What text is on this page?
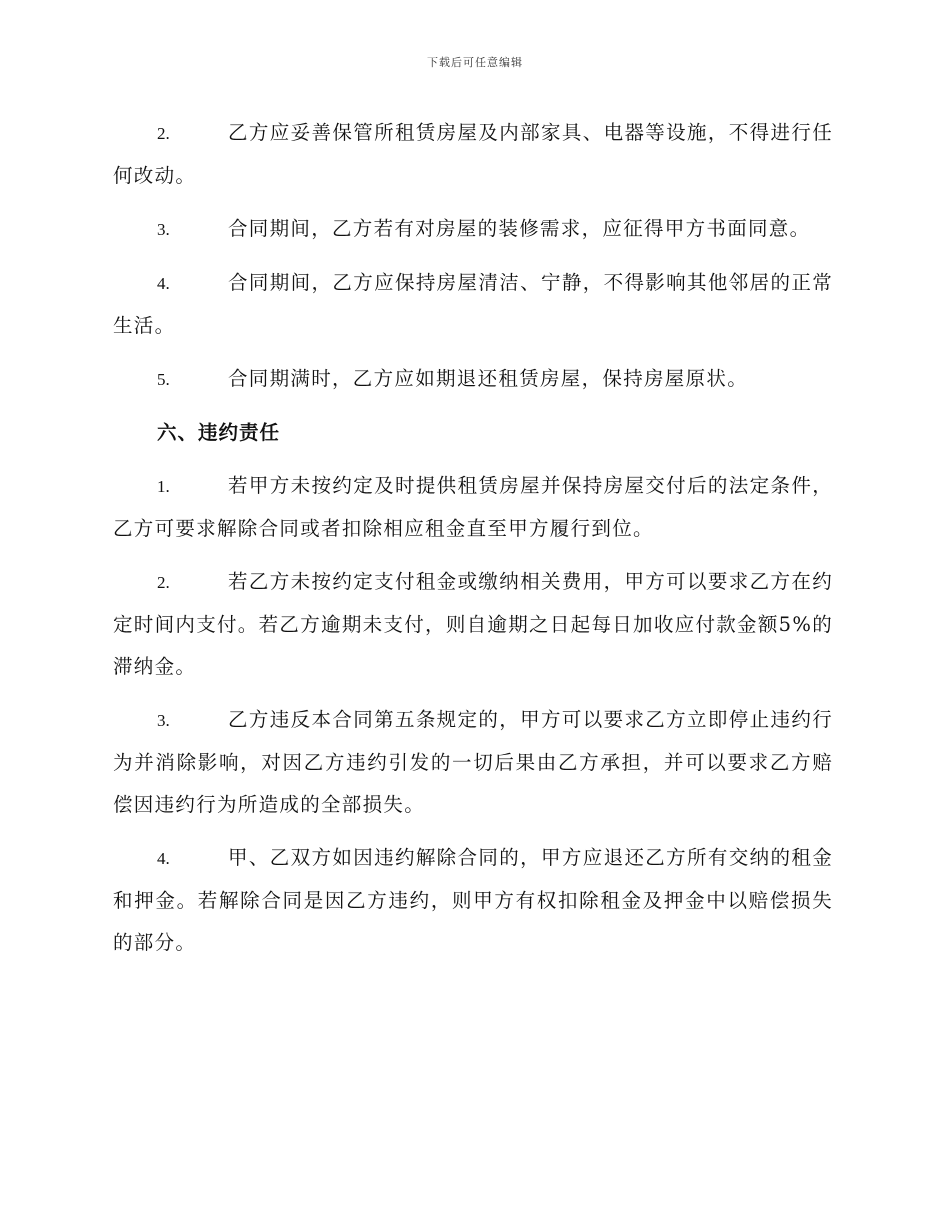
下载后可任意编辑

2.	乙方应妥善保管所租赁房屋及内部家具、电器等设施，不得进行任何改动。

3.	合同期间，乙方若有对房屋的装修需求，应征得甲方书面同意。

4.	合同期间，乙方应保持房屋清洁、宁静，不得影响其他邻居的正常生活。

5.	合同期满时，乙方应如期退还租赁房屋，保持房屋原状。

六、违约责任

1.	若甲方未按约定及时提供租赁房屋并保持房屋交付后的法定条件，乙方可要求解除合同或者扣除相应租金直至甲方履行到位。

2.	若乙方未按约定支付租金或缴纳相关费用，甲方可以要求乙方在约定时间内支付。若乙方逾期未支付，则自逾期之日起每日加收应付款金额5%的滞纳金。

3.	乙方违反本合同第五条规定的，甲方可以要求乙方立即停止违约行为并消除影响，对因乙方违约引发的一切后果由乙方承担，并可以要求乙方赔偿因违约行为所造成的全部损失。

4.	甲、乙双方如因违约解除合同的，甲方应退还乙方所有交纳的租金和押金。若解除合同是因乙方违约，则甲方有权扣除租金及押金中以赔偿损失的部分。
